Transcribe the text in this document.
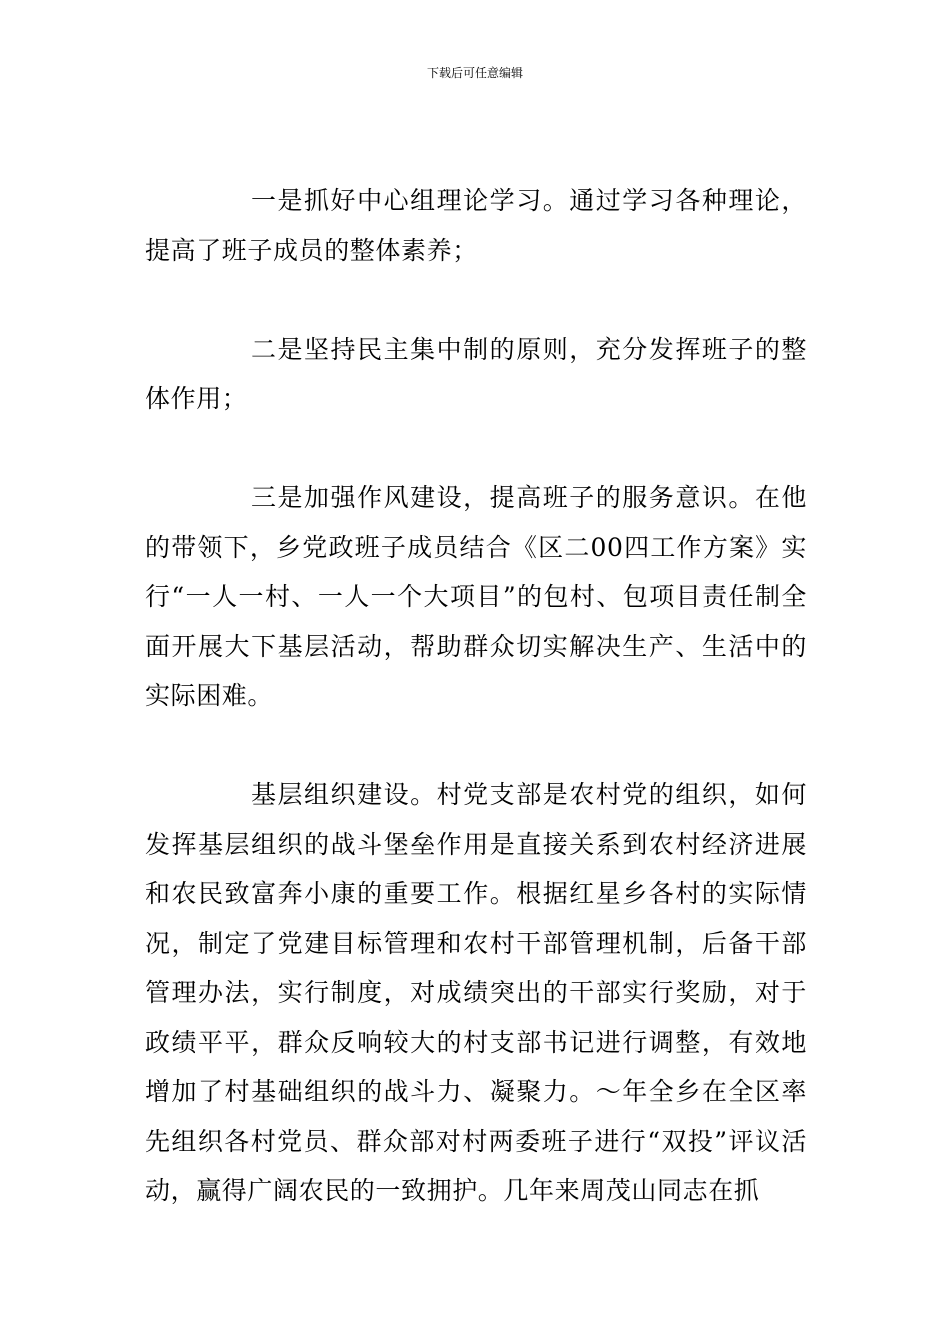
下载后可任意编辑

一是抓好中心组理论学习。通过学习各种理论，提高了班子成员的整体素养；

二是坚持民主集中制的原则，充分发挥班子的整体作用；

三是加强作风建设，提高班子的服务意识。在他的带领下，乡党政班子成员结合《区二00四工作方案》实行“一人一村、一人一个大项目”的包村、包项目责任制全面开展大下基层活动，帮助群众切实解决生产、生活中的实际困难。

基层组织建设。村党支部是农村党的组织，如何发挥基层组织的战斗堡垒作用是直接关系到农村经济进展和农民致富奔小康的重要工作。根据红星乡各村的实际情况，制定了党建目标管理和农村干部管理机制，后备干部管理办法，实行制度，对成绩突出的干部实行奖励，对于政绩平平，群众反响较大的村支部书记进行调整，有效地增加了村基础组织的战斗力、凝聚力。～年全乡在全区率先组织各村党员、群众部对村两委班子进行“双投”评议活动，赢得广阔农民的一致拥护。几年来周茂山同志在抓
